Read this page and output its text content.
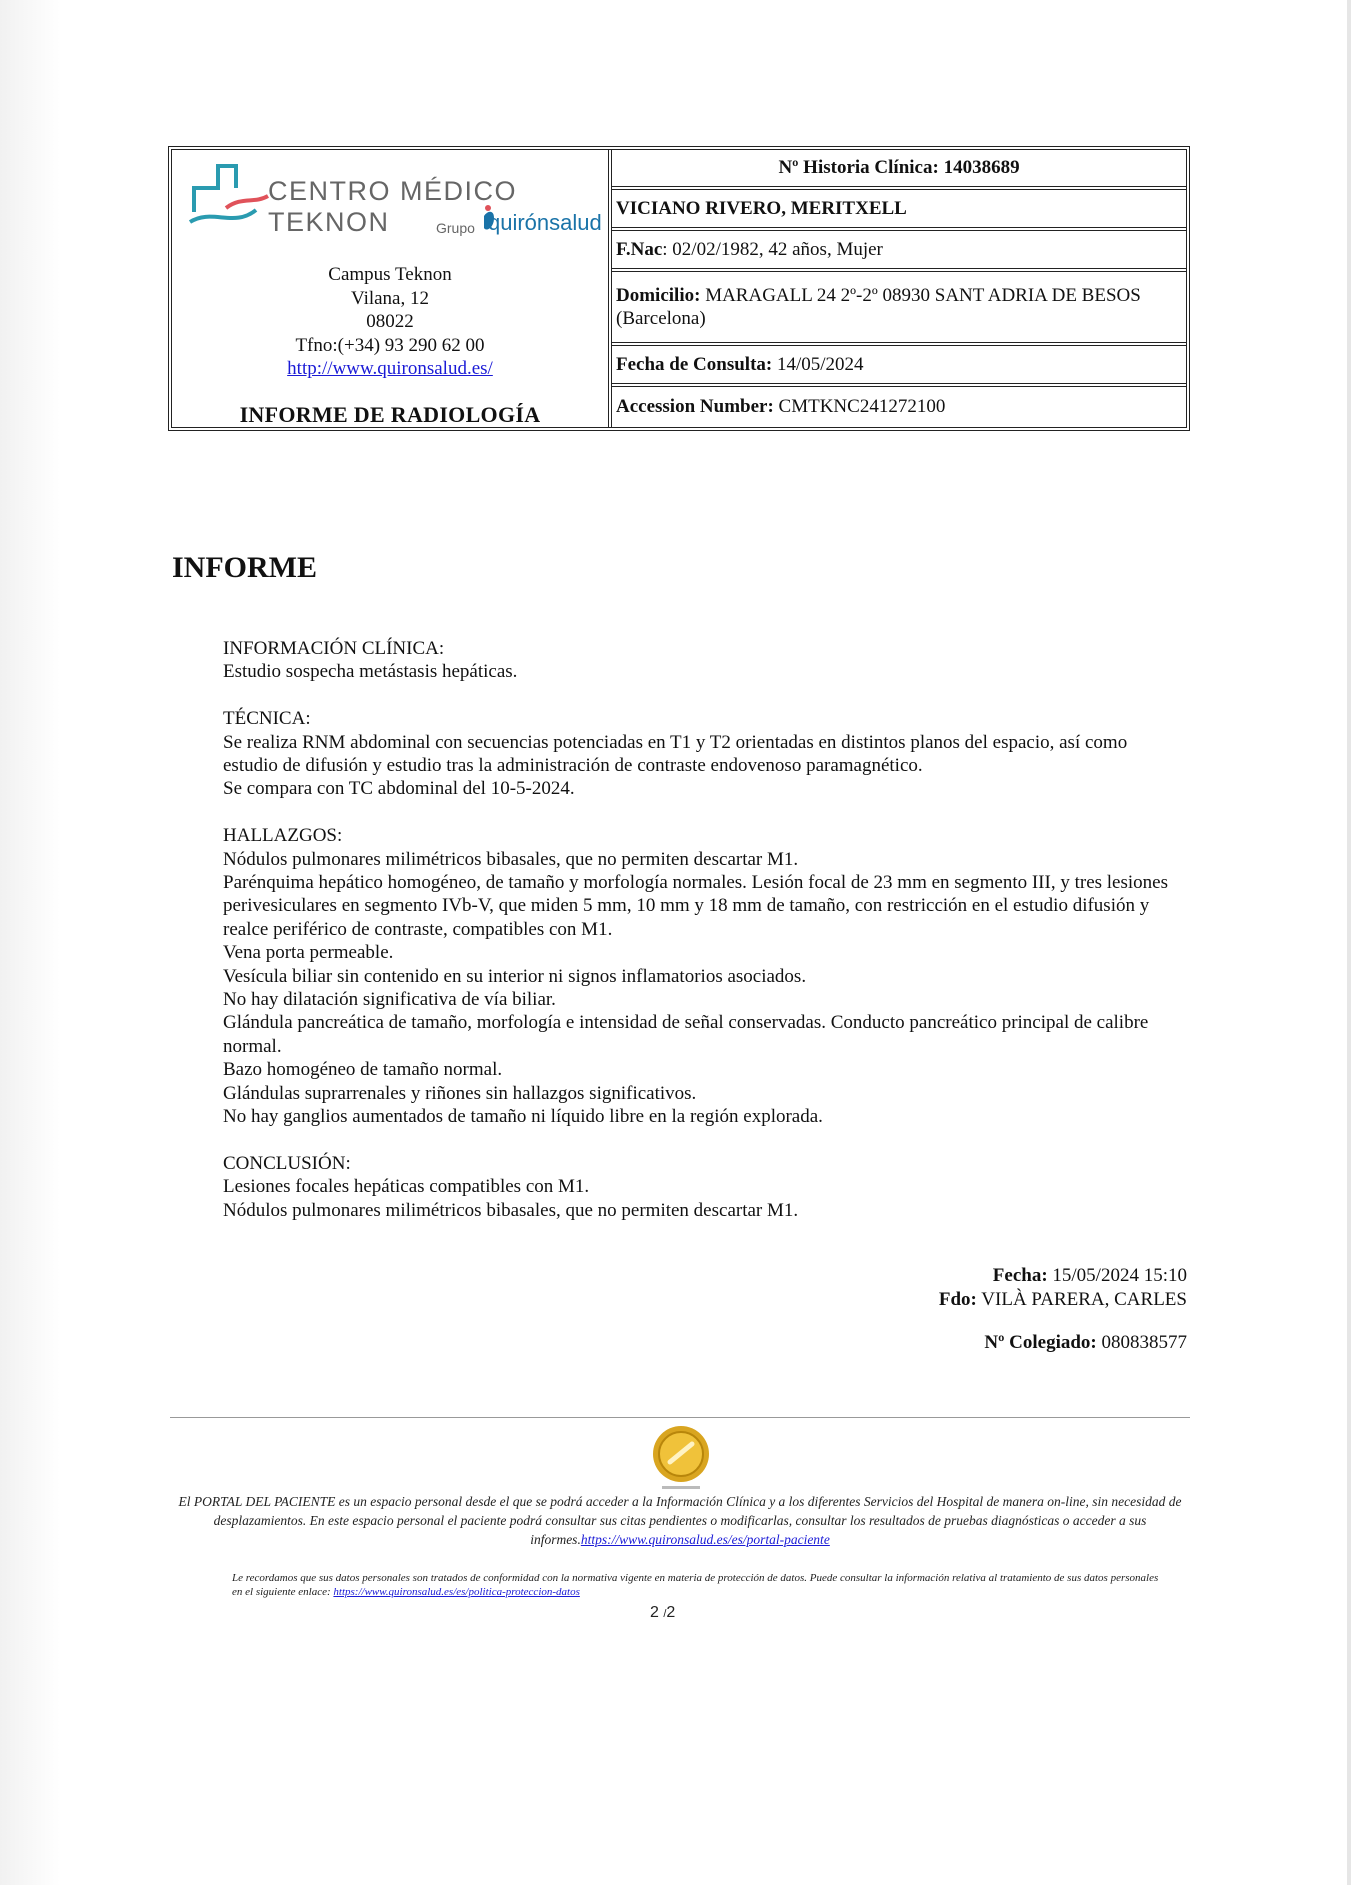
CENTRO MÉDICO TEKNON	Grupo quirónsalud
Campus Teknon
Vilana, 12
08022
Tfno:(+34) 93 290 62 00
http://www.quironsalud.es/
INFORME DE RADIOLOGÍA
Nº Historia Clínica:
14038689
VICIANO RIVERO, MERITXELL
F.Nac : 02/02/1982, 42 años, Mujer
Domicilio: MARAGALL 24 2º-2º 08930 SANT ADRIA DE BESOS (Barcelona)
Fecha de Consulta:
14/05/2024
Accession Number:
CMTKNC241272100
INFORME

INFORMACIÓN CLÍNICA:

Estudio sospecha metástasis hepáticas.

TÉCNICA:

Se realiza RNM abdominal con secuencias potenciadas en T1 y T2 orientadas en distintos planos del espacio, así como estudio de difusión y estudio tras la administración de contraste endovenoso paramagnético.

Se compara con TC abdominal del 10-5-2024.

HALLAZGOS:

Nódulos pulmonares milimétricos bibasales, que no permiten descartar M1.

Parénquima hepático homogéneo, de tamaño y morfología normales. Lesión focal de 23 mm en segmento III, y tres lesiones perivesiculares en segmento IVb-V, que miden 5 mm, 10 mm y 18 mm de tamaño, con restricción en el estudio difusión y realce periférico de contraste, compatibles con M1.

Vena porta permeable.

Vesícula biliar sin contenido en su interior ni signos inflamatorios asociados.

No hay dilatación significativa de vía biliar.

Glándula pancreática de tamaño, morfología e intensidad de señal conservadas. Conducto pancreático principal de calibre normal.

Bazo homogéneo de tamaño normal.

Glándulas suprarrenales y riñones sin hallazgos significativos.

No hay ganglios aumentados de tamaño ni líquido libre en la región explorada.

CONCLUSIÓN:

Lesiones focales hepáticas compatibles con M1.

Nódulos pulmonares milimétricos bibasales, que no permiten descartar M1.

Fecha: 15/05/2024 15:10
Fdo: VILÀ PARERA, CARLES
Nº Colegiado: 080838577
El PORTAL DEL PACIENTE es un espacio personal desde el que se podrá acceder a la Información Clínica y a los diferentes Servicios del Hospital de manera on-line, sin necesidad de desplazamientos. En este espacio personal el paciente podrá consultar sus citas pendientes o modificarlas, consultar los resultados de pruebas diagnósticas o acceder a sus informes.https://www.quironsalud.es/es/portal-paciente
Le recordamos que sus datos personales son tratados de conformidad con la normativa vigente en materia de protección de datos. Puede consultar la información relativa al tratamiento de sus datos personales en el siguiente enlace: https://www.quironsalud.es/es/politica-proteccion-datos
2 /2
